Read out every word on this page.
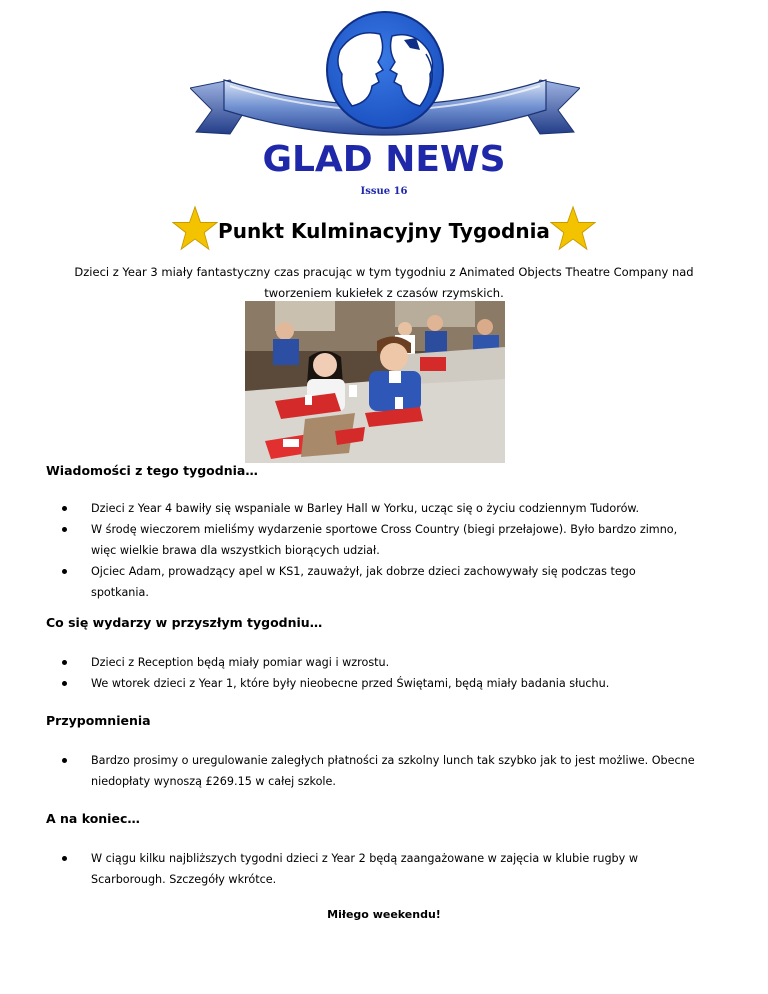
GLAD NEWS
Issue 16
Punkt Kulminacyjny Tygodnia
Dzieci z Year 3 miały fantastyczny czas pracując w tym tygodniu z Animated Objects Theatre Company nad tworzeniem kukiełek z czasów rzymskich.
Wiadomości z tego tygodnia…
Dzieci z Year 4 bawiły się wspaniale w Barley Hall w Yorku, ucząc się o życiu codziennym Tudorów.
W środę wieczorem mieliśmy wydarzenie sportowe Cross Country (biegi przełajowe). Było bardzo zimno, więc wielkie brawa dla wszystkich biorących udział.
Ojciec Adam, prowadzący apel w KS1, zauważył, jak dobrze dzieci zachowywały się podczas tego spotkania.
Co się wydarzy w przyszłym tygodniu…
Dzieci z Reception będą miały pomiar wagi i wzrostu.
We wtorek dzieci z Year 1, które były nieobecne przed Świętami, będą miały badania słuchu.
Przypomnienia
Bardzo prosimy o uregulowanie zaległych płatności za szkolny lunch tak szybko jak to jest możliwe. Obecne niedopłaty wynoszą £269.15 w całej szkole.
A na koniec…
W ciągu kilku najbliższych tygodni dzieci z Year 2 będą zaangażowane w zajęcia w klubie rugby w Scarborough. Szczegóły wkrótce.
Miłego weekendu!
